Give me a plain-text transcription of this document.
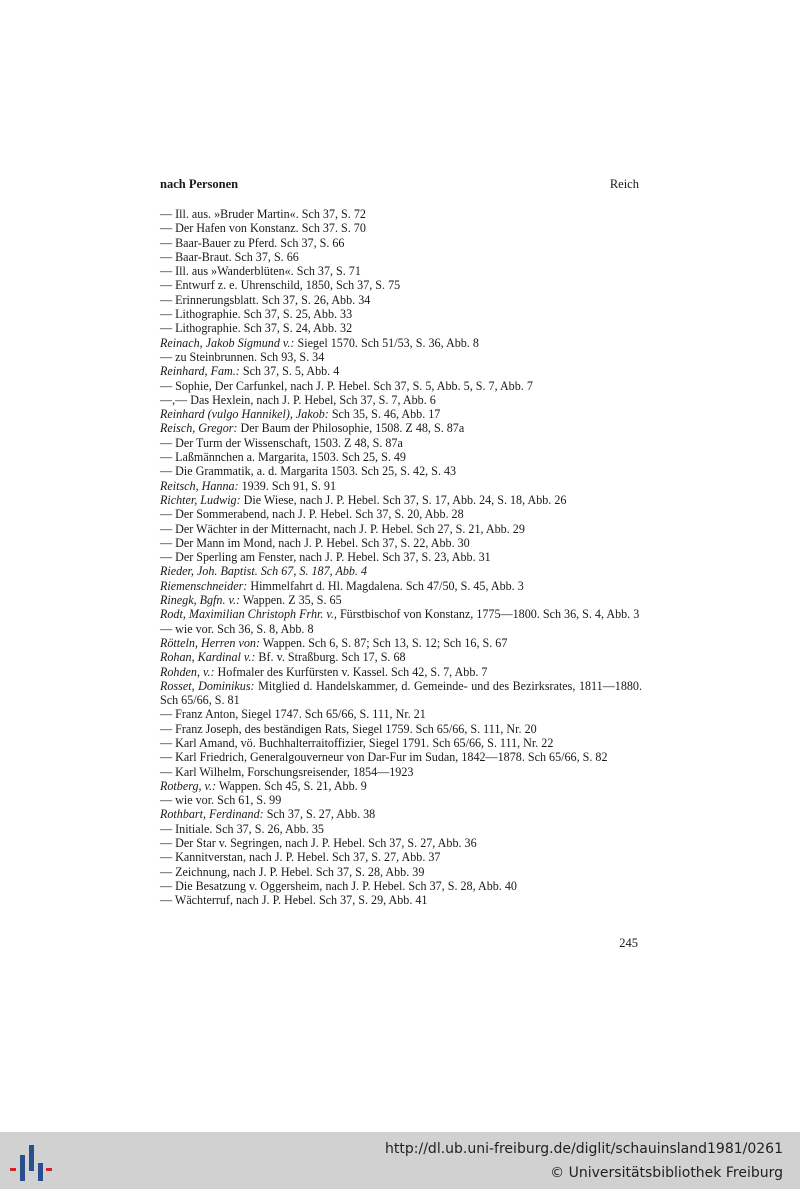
nach Personen	Reich
— Ill. aus. »Bruder Martin«. Sch 37, S. 72
— Der Hafen von Konstanz. Sch 37. S. 70
— Baar-Bauer zu Pferd. Sch 37, S. 66
— Baar-Braut. Sch 37, S. 66
— Ill. aus »Wanderblüten«. Sch 37, S. 71
— Entwurf z. e. Uhrenschild, 1850, Sch 37, S. 75
— Erinnerungsblatt. Sch 37, S. 26, Abb. 34
— Lithographie. Sch 37, S. 25, Abb. 33
— Lithographie. Sch 37, S. 24, Abb. 32
Reinach, Jakob Sigmund v.: Siegel 1570. Sch 51/53, S. 36, Abb. 8
— zu Steinbrunnen. Sch 93, S. 34
Reinhard, Fam.: Sch 37, S. 5, Abb. 4
— Sophie, Der Carfunkel, nach J. P. Hebel. Sch 37, S. 5, Abb. 5, S. 7, Abb. 7
—,— Das Hexlein, nach J. P. Hebel, Sch 37, S. 7, Abb. 6
Reinhard (vulgo Hannikel), Jakob: Sch 35, S. 46, Abb. 17
Reisch, Gregor: Der Baum der Philosophie, 1508. Z 48, S. 87a
— Der Turm der Wissenschaft, 1503. Z 48, S. 87a
— Laßmännchen a. Margarita, 1503. Sch 25, S. 49
— Die Grammatik, a. d. Margarita 1503. Sch 25, S. 42, S. 43
Reitsch, Hanna: 1939. Sch 91, S. 91
Richter, Ludwig: Die Wiese, nach J. P. Hebel. Sch 37, S. 17, Abb. 24, S. 18, Abb. 26
— Der Sommerabend, nach J. P. Hebel. Sch 37, S. 20, Abb. 28
— Der Wächter in der Mitternacht, nach J. P. Hebel. Sch 27, S. 21, Abb. 29
— Der Mann im Mond, nach J. P. Hebel. Sch 37, S. 22, Abb. 30
— Der Sperling am Fenster, nach J. P. Hebel. Sch 37, S. 23, Abb. 31
Rieder, Joh. Baptist. Sch 67, S. 187, Abb. 4
Riemenschneider: Himmelfahrt d. Hl. Magdalena. Sch 47/50, S. 45, Abb. 3
Rinegk, Bgfn. v.: Wappen. Z 35, S. 65
Rodt, Maximilian Christoph Frhr. v., Fürstbischof von Konstanz, 1775—1800. Sch 36, S. 4, Abb. 3
— wie vor. Sch 36, S. 8, Abb. 8
Rötteln, Herren von: Wappen. Sch 6, S. 87; Sch 13, S. 12; Sch 16, S. 67
Rohan, Kardinal v.: Bf. v. Straßburg. Sch 17, S. 68
Rohden, v.: Hofmaler des Kurfürsten v. Kassel. Sch 42, S. 7, Abb. 7
Rosset, Dominikus: Mitglied d. Handelskammer, d. Gemeinde- und des Bezirksrates, 1811—1880. Sch 65/66, S. 81
— Franz Anton, Siegel 1747. Sch 65/66, S. 111, Nr. 21
— Franz Joseph, des beständigen Rats, Siegel 1759. Sch 65/66, S. 111, Nr. 20
— Karl Amand, vö. Buchhalterraitoffizier, Siegel 1791. Sch 65/66, S. 111, Nr. 22
— Karl Friedrich, Generalgouverneur von Dar-Fur im Sudan, 1842—1878. Sch 65/66, S. 82
— Karl Wilhelm, Forschungsreisender, 1854—1923
Rotberg, v.: Wappen. Sch 45, S. 21, Abb. 9
— wie vor. Sch 61, S. 99
Rothbart, Ferdinand: Sch 37, S. 27, Abb. 38
— Initiale. Sch 37, S. 26, Abb. 35
— Der Star v. Segringen, nach J. P. Hebel. Sch 37, S. 27, Abb. 36
— Kannitverstan, nach J. P. Hebel. Sch 37, S. 27, Abb. 37
— Zeichnung, nach J. P. Hebel. Sch 37, S. 28, Abb. 39
— Die Besatzung v. Oggersheim, nach J. P. Hebel. Sch 37, S. 28, Abb. 40
— Wächterruf, nach J. P. Hebel. Sch 37, S. 29, Abb. 41
245
http://dl.ub.uni-freiburg.de/diglit/schauinsland1981/0261
© Universitätsbibliothek Freiburg
